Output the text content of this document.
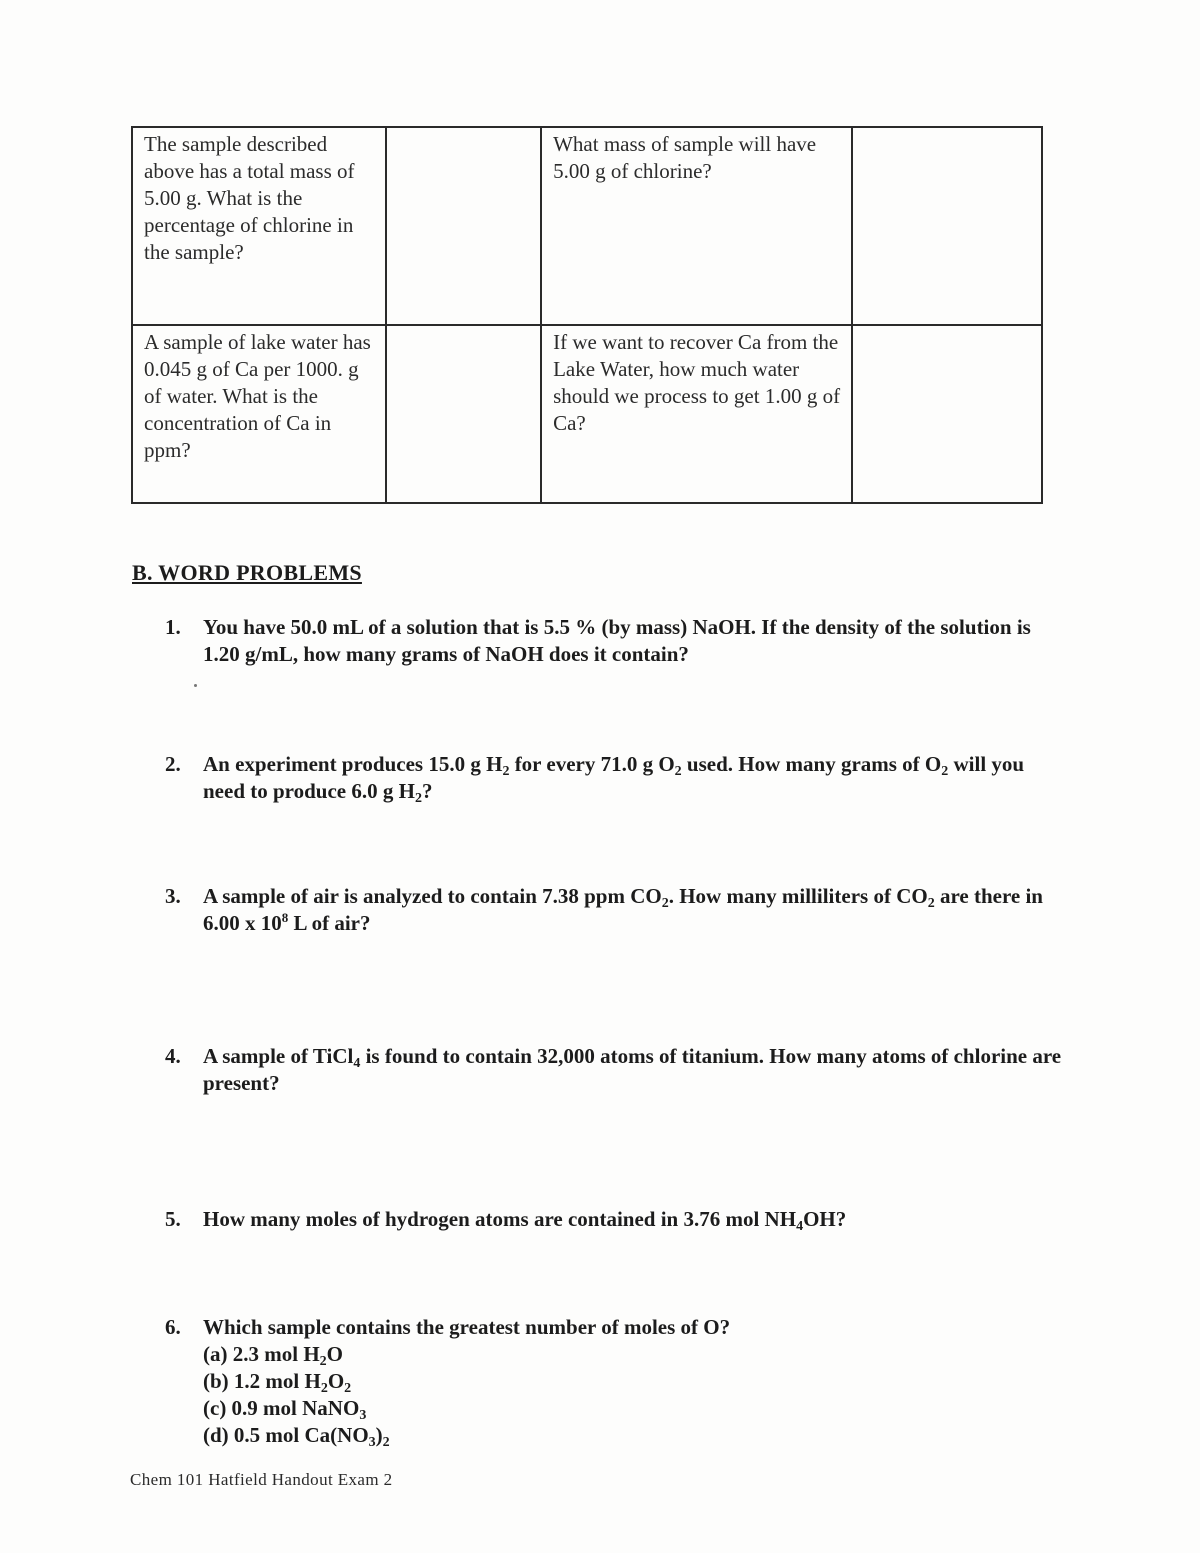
The sample described above has a total mass of 5.00 g. What is the percentage of chlorine in the sample?		What mass of sample will have 5.00 g of chlorine?	
A sample of lake water has 0.045 g of Ca per 1000. g of water. What is the concentration of Ca in ppm?		If we want to recover Ca from the Lake Water, how much water should we process to get 1.00 g of Ca?	
B. WORD PROBLEMS
1. You have 50.0 mL of a solution that is 5.5 % (by mass) NaOH. If the density of the solution is 1.20 g/mL, how many grams of NaOH does it contain?
2. An experiment produces 15.0 g $H_2$ for every 71.0 g $O_2$ used. How many grams of $O_2$ will you need to produce 6.0 g $H_2$?
3. A sample of air is analyzed to contain 7.38 ppm $CO_2$. How many milliliters of $CO_2$ are there in 6.00 x $10^8$ L of air?
4. A sample of TiCl$_4$ is found to contain 32,000 atoms of titanium. How many atoms of chlorine are present?
5. How many moles of hydrogen atoms are contained in 3.76 mol $NH_4OH$?
6. Which sample contains the greatest number of moles of O?
(a) 2.3 mol $H_2O$
(b) 1.2 mol $H_2O_2$
(c) 0.9 mol NaNO$_3$
(d) 0.5 mol $Ca(NO_3)_2$
Chem 101 Hatfield Handout Exam 2
